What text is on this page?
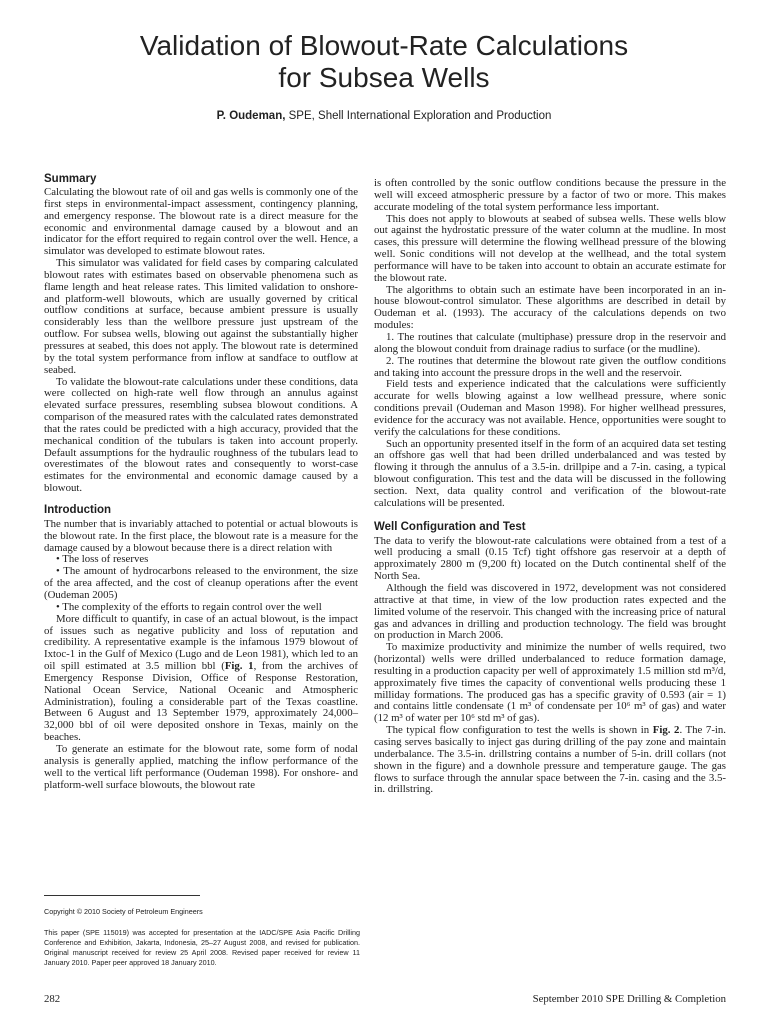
Validation of Blowout-Rate Calculations
for Subsea Wells
P. Oudeman, SPE, Shell International Exploration and Production
Summary

Calculating the blowout rate of oil and gas wells is commonly one of the first steps in environmental-impact assessment, contingency planning, and emergency response. The blowout rate is a direct measure for the economic and environmental damage caused by a blowout and an indicator for the effort required to regain control over the well. Hence, a simulator was developed to estimate blowout rates.

This simulator was validated for field cases by comparing calculated blowout rates with estimates based on observable phenomena such as flame length and heat release rates. This limited validation to onshore- and platform-well blowouts, which are usually governed by critical outflow conditions at surface, because ambient pressure is usually considerably less than the wellbore pressure just upstream of the outflow. For subsea wells, blowing out against the substantially higher pressures at seabed, this does not apply. The blowout rate is determined by the total system performance from inflow at sandface to outflow at seabed.

To validate the blowout-rate calculations under these conditions, data were collected on high-rate well flow through an annulus against elevated surface pressures, resembling subsea blowout conditions. A comparison of the measured rates with the calculated rates demonstrated that the rates could be predicted with a high accuracy, provided that the mechanical condition of the tubulars is taken into account properly. Default assumptions for the hydraulic roughness of the tubulars lead to overestimates of the blowout rates and consequently to worst-case estimates for the environmental and economic damage caused by a blowout.

Introduction

The number that is invariably attached to potential or actual blowouts is the blowout rate. In the first place, the blowout rate is a measure for the damage caused by a blowout because there is a direct relation with

• The loss of reserves

• The amount of hydrocarbons released to the environment, the size of the area affected, and the cost of cleanup operations after the event (Oudeman 2005)

• The complexity of the efforts to regain control over the well

More difficult to quantify, in case of an actual blowout, is the impact of issues such as negative publicity and loss of reputation and credibility. A representative example is the infamous 1979 blowout of Ixtoc-1 in the Gulf of Mexico (Lugo and de Leon 1981), which led to an oil spill estimated at 3.5 million bbl (Fig. 1, from the archives of Emergency Response Division, Office of Response Restoration, National Ocean Service, National Oceanic and Atmospheric Administration), fouling a considerable part of the Texas coastline. Between 6 August and 13 September 1979, approximately 24,000–32,000 bbl of oil were deposited onshore in Texas, mainly on the beaches.

To generate an estimate for the blowout rate, some form of nodal analysis is generally applied, matching the inflow performance of the well to the vertical lift performance (Oudeman 1998). For onshore- and platform-well surface blowouts, the blowout rate

is often controlled by the sonic outflow conditions because the pressure in the well will exceed atmospheric pressure by a factor of two or more. This makes accurate modeling of the total system performance less important.

This does not apply to blowouts at seabed of subsea wells. These wells blow out against the hydrostatic pressure of the water column at the mudline. In most cases, this pressure will determine the flowing wellhead pressure of the blowing well. Sonic conditions will not develop at the wellhead, and the total system performance will have to be taken into account to obtain an accurate estimate for the blowout rate.

The algorithms to obtain such an estimate have been incorporated in an in-house blowout-control simulator. These algorithms are described in detail by Oudeman et al. (1993). The accuracy of the calculations depends on two modules:

1. The routines that calculate (multiphase) pressure drop in the reservoir and along the blowout conduit from drainage radius to surface (or the mudline).

2. The routines that determine the blowout rate given the outflow conditions and taking into account the pressure drops in the well and the reservoir.

Field tests and experience indicated that the calculations were sufficiently accurate for wells blowing against a low wellhead pressure, where sonic conditions prevail (Oudeman and Mason 1998). For higher wellhead pressures, evidence for the accuracy was not available. Hence, opportunities were sought to verify the calculations for these conditions.

Such an opportunity presented itself in the form of an acquired data set testing an offshore gas well that had been drilled underbalanced and was tested by flowing it through the annulus of a 3.5-in. drillpipe and a 7-in. casing, a typical blowout configuration. This test and the data will be discussed in the following section. Next, data quality control and verification of the blowout-rate calculations will be presented.

Well Configuration and Test

The data to verify the blowout-rate calculations were obtained from a test of a well producing a small (0.15 Tcf) tight offshore gas reservoir at a depth of approximately 2800 m (9,200 ft) located on the Dutch continental shelf of the North Sea.

Although the field was discovered in 1972, development was not considered attractive at that time, in view of the low production rates expected and the limited volume of the reservoir. This changed with the increasing price of natural gas and advances in drilling and production technology. The field was brought on production in March 2006.

To maximize productivity and minimize the number of wells required, two (horizontal) wells were drilled underbalanced to reduce formation damage, resulting in a production capacity per well of approximately 1.5 million std m³/d, approximately five times the capacity of conventional wells producing these 1 milliday formations. The produced gas has a specific gravity of 0.593 (air = 1) and contains little condensate (1 m³ of condensate per 10⁶ m³ of gas) and water (12 m³ of water per 10⁶ std m³ of gas).

The typical flow configuration to test the wells is shown in Fig. 2. The 7-in. casing serves basically to inject gas during drilling of the pay zone and maintain underbalance. The 3.5-in. drillstring contains a number of 5-in. drill collars (not shown in the figure) and a downhole pressure and temperature gauge. The gas flows to surface through the annular space between the 7-in. casing and the 3.5-in. drillstring.

Copyright © 2010 Society of Petroleum Engineers
This paper (SPE 115019) was accepted for presentation at the IADC/SPE Asia Pacific Drilling Conference and Exhibition, Jakarta, Indonesia, 25–27 August 2008, and revised for publication. Original manuscript received for review 25 April 2008. Revised paper received for review 11 January 2010. Paper peer approved 18 January 2010.
282	September 2010 SPE Drilling & Completion
